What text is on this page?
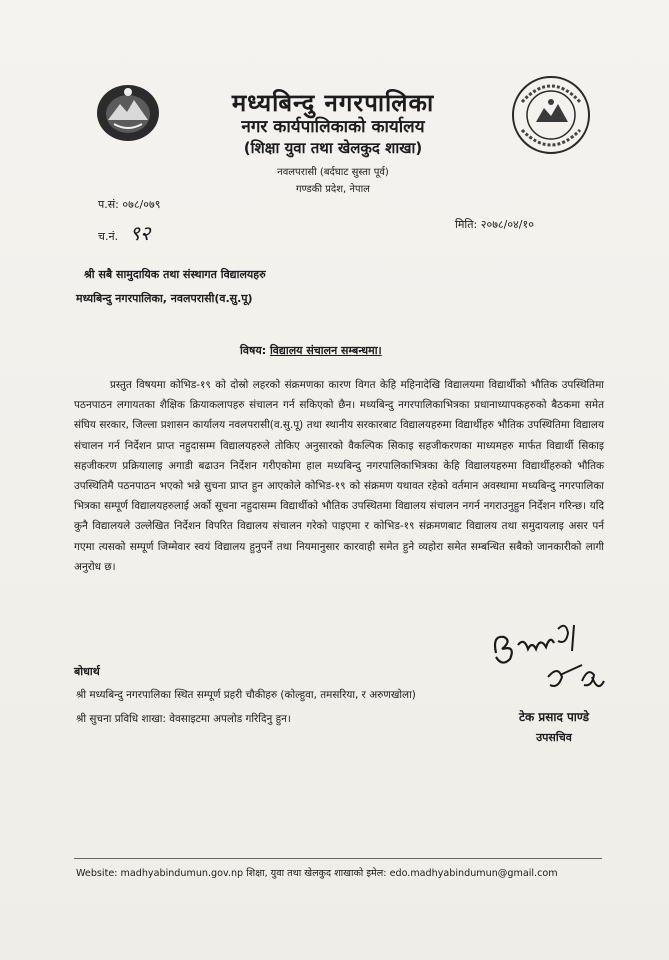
मध्यबिन्दु नगरपालिका
नगर कार्यपालिकाको कार्यालय
(शिक्षा युवा तथा खेलकुद शाखा)
नवलपरासी (बर्दघाट सुस्ता पूर्व)
गण्डकी प्रदेश, नेपाल
प.सं: ०७८/०७९
च.नं. ९२	मिति: २०७८/०४/१०
श्री सबै सामुदायिक तथा संस्थागत विद्यालयहरु
मध्यबिन्दु नगरपालिका, नवलपरासी(व.सु.पू)
विषय: विद्यालय संचालन सम्बन्धमा।

प्रस्तुत विषयमा कोभिड-१९ को दोस्रो लहरको संक्रमणका कारण विगत केहि महिनादेखि विद्यालयमा विद्यार्थीको भौतिक उपस्थितिमा पठनपाठन लगायतका शैक्षिक क्रियाकलापहरु संचालन गर्न सकिएको छैन। मध्यबिन्दु नगरपालिकाभित्रका प्रधानाध्यापकहरुको बैठकमा समेत संघिय सरकार, जिल्ला प्रशासन कार्यालय नवलपरासी(व.सु.पू) तथा स्थानीय सरकारबाट विद्यालयहरुमा विद्यार्थीहरु भौतिक उपस्थितिमा विद्यालय संचालन गर्न निर्देशन प्राप्त नहुदासम्म विद्यालयहरुले तोकिए अनुसारको वैकल्पिक सिकाइ सहजीकरणका माध्यमहरु मार्फत विद्यार्थी सिकाइ सहजीकरण प्रक्रियालाइ अगाडी बढाउन निर्देशन गरीएकोमा हाल मध्यबिन्दु नगरपालिकाभित्रका केहि विद्यालयहरुमा विद्यार्थीहरुको भौतिक उपस्थितिमै पठनपाठन भएको भन्ने सुचना प्राप्त हुन आएकोले कोभिड-१९ को संक्रमण यथावत रहेको वर्तमान अवस्थामा मध्यबिन्दु नगरपालिका भित्रका सम्पूर्ण विद्यालयहरुलाई अर्को सूचना नहुदासम्म विद्यार्थीको भौतिक उपस्थितमा विद्यालय संचालन नगर्न नगराउनुहुन निर्देशन गरिन्छ। यदि कुनै विद्यालयले उल्लेखित निर्देशन विपरित विद्यालय संचालन गरेको पाइएमा र कोभिड-१९ संक्रमणबाट विद्यालय तथा समुदायलाइ असर पर्न गएमा त्यसको सम्पूर्ण जिम्मेवार स्वयं विद्यालय हुनुपर्ने तथा नियमानुसार कारवाही समेत हुने व्यहोरा समेत सम्बन्धित सबैको जानकारीको लागी अनुरोध छ।

बोधार्थ
श्री मध्यबिन्दु नगरपालिका स्थित सम्पूर्ण प्रहरी चौकीहरु (कोल्हुवा, तमसरिया, र अरुणखोला)
श्री सुचना प्रविधि शाखा: वेवसाइटमा अपलोड गरिदिनु हुन।	टेक प्रसाद पाण्डे
उपसचिव
Website: madhyabindumun.gov.np शिक्षा, युवा तथा खेलकुद शाखाको इमेल: edo.madhyabindumun@gmail.com
